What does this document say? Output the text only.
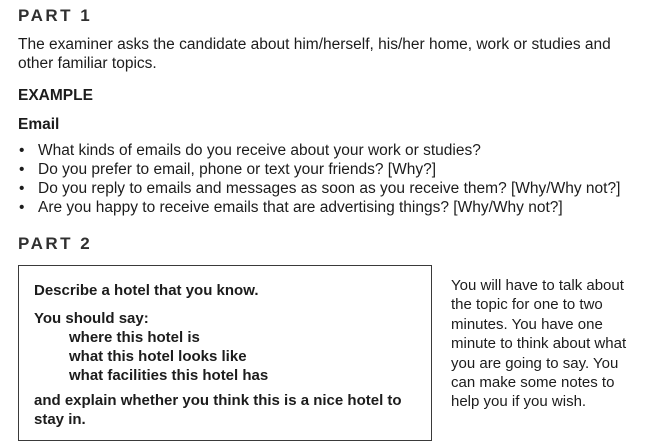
PART 1

The examiner asks the candidate about him/herself, his/her home, work or studies and other familiar topics.

EXAMPLE

Email

• What kinds of emails do you receive about your work or studies?
• Do you prefer to email, phone or text your friends? [Why?]
• Do you reply to emails and messages as soon as you receive them? [Why/Why not?]
• Are you happy to receive emails that are advertising things? [Why/Why not?]
PART 2

Describe a hotel that you know.

You should say:

where this hotel is
what this hotel looks like
what facilities this hotel has

and explain whether you think this is a nice hotel to stay in.

You will have to talk about the topic for one to two minutes. You have one minute to think about what you are going to say. You can make some notes to help you if you wish.
